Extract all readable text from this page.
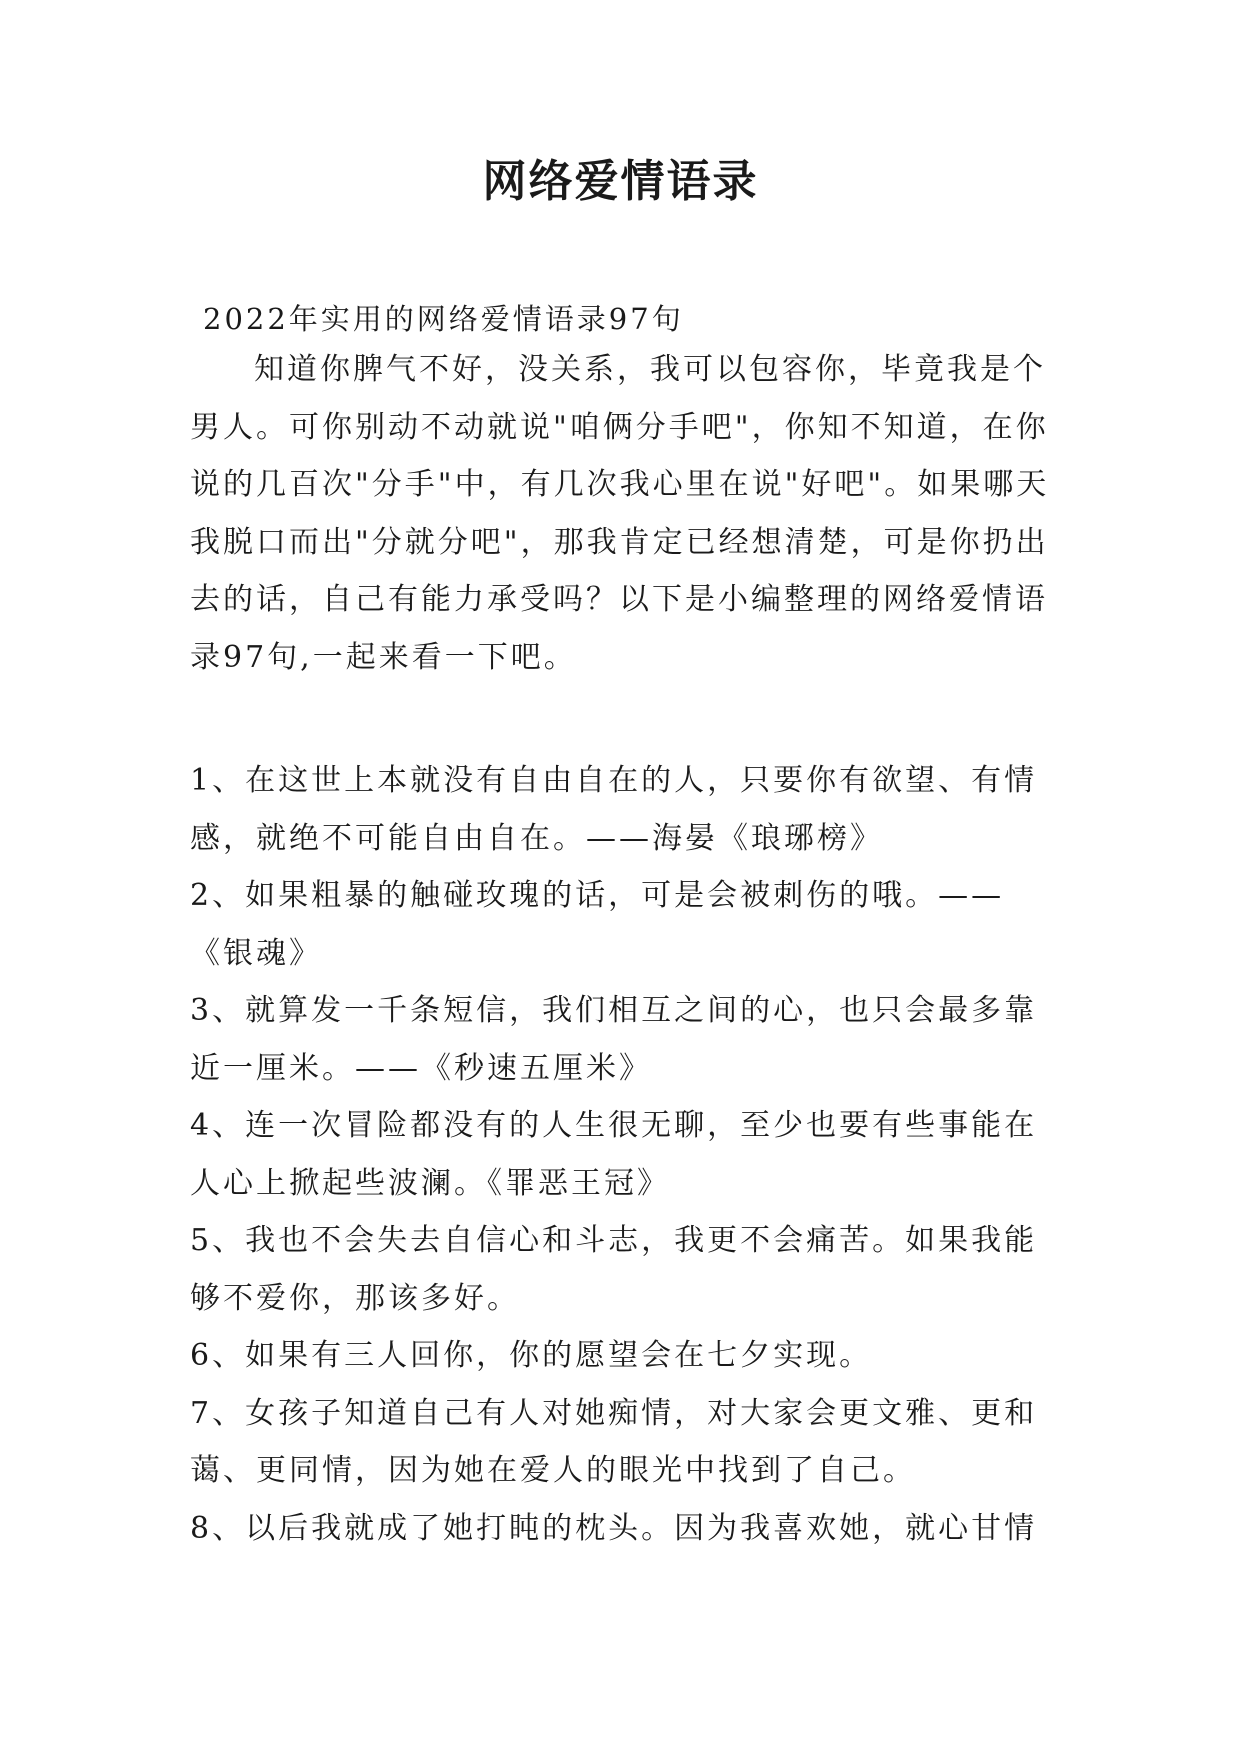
网络爱情语录

2022年实用的网络爱情语录97句

知道你脾气不好，没关系，我可以包容你，毕竟我是个男人。可你别动不动就说"咱俩分手吧"，你知不知道，在你说的几百次"分手"中，有几次我心里在说"好吧"。如果哪天我脱口而出"分就分吧"，那我肯定已经想清楚，可是你扔出去的话，自己有能力承受吗？以下是小编整理的网络爱情语录97句,一起来看一下吧。

1、在这世上本就没有自由自在的人，只要你有欲望、有情感，就绝不可能自由自在。——海晏《琅琊榜》

2、如果粗暴的触碰玫瑰的话，可是会被刺伤的哦。——《银魂》

3、就算发一千条短信，我们相互之间的心，也只会最多靠近一厘米。——《秒速五厘米》

4、连一次冒险都没有的人生很无聊，至少也要有些事能在人心上掀起些波澜。《罪恶王冠》

5、我也不会失去自信心和斗志，我更不会痛苦。如果我能够不爱你，那该多好。

6、如果有三人回你，你的愿望会在七夕实现。

7、女孩子知道自己有人对她痴情，对大家会更文雅、更和蔼、更同情，因为她在爱人的眼光中找到了自己。

8、以后我就成了她打盹的枕头。因为我喜欢她，就心甘情
